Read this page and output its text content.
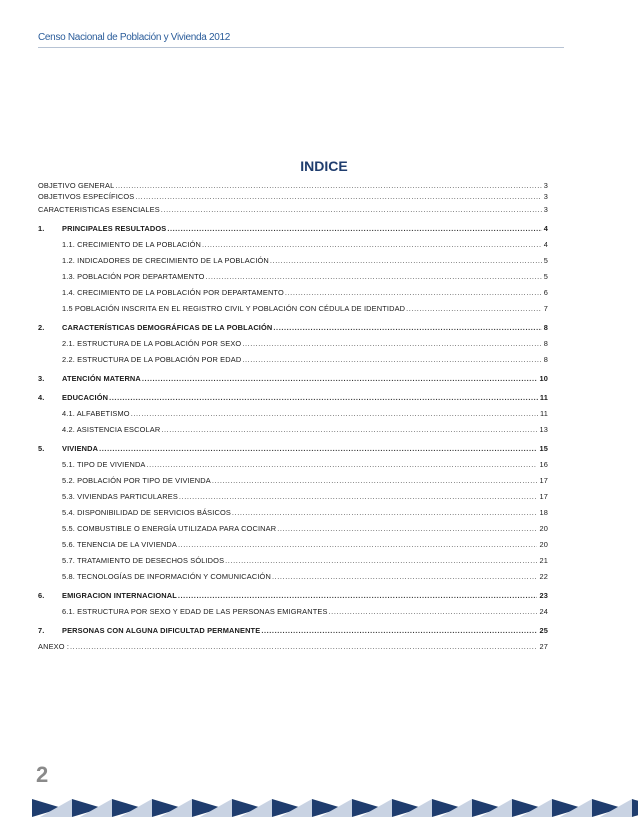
Censo Nacional de Población y Vivienda 2012
INDICE
OBJETIVO GENERAL .....	3
OBJETIVOS ESPECÍFICOS .....	3
CARACTERISTICAS ESENCIALES .....	3
1.	PRINCIPALES RESULTADOS .....	4
1.1. CRECIMIENTO DE LA POBLACIÓN .....	4
1.2. INDICADORES DE CRECIMIENTO DE LA POBLACIÓN .....	5
1.3. POBLACIÓN POR DEPARTAMENTO .....	5
1.4. CRECIMIENTO DE LA POBLACIÓN POR DEPARTAMENTO .....	6
1.5 POBLACIÓN INSCRITA EN EL REGISTRO CIVIL Y POBLACIÓN CON CÉDULA DE IDENTIDAD .....	7
2.	CARACTERÍSTICAS DEMOGRÁFICAS DE LA POBLACIÓN .....	8
2.1. ESTRUCTURA DE LA POBLACIÓN POR SEXO .....	8
2.2. ESTRUCTURA DE LA POBLACIÓN POR EDAD .....	8
3.	ATENCIÓN MATERNA .....	10
4.	EDUCACIÓN .....	11
4.1. ALFABETISMO .....	11
4.2. ASISTENCIA ESCOLAR .....	13
5.	VIVIENDA .....	15
5.1. TIPO DE VIVIENDA .....	16
5.2. POBLACIÓN POR TIPO DE VIVIENDA .....	17
5.3. VIVIENDAS PARTICULARES .....	17
5.4. DISPONIBILIDAD DE SERVICIOS BÁSICOS .....	18
5.5. COMBUSTIBLE O ENERGÍA UTILIZADA PARA COCINAR .....	20
5.6. TENENCIA DE LA VIVIENDA .....	20
5.7. TRATAMIENTO DE DESECHOS SÓLIDOS .....	21
5.8. TECNOLOGÍAS DE INFORMACIÓN Y COMUNICACIÓN .....	22
6.	EMIGRACION INTERNACIONAL .....	23
6.1. ESTRUCTURA POR SEXO Y EDAD DE LAS PERSONAS EMIGRANTES .....	24
7.	PERSONAS CON ALGUNA DIFICULTAD PERMANENTE .....	25
ANEXO : .....	27
2
